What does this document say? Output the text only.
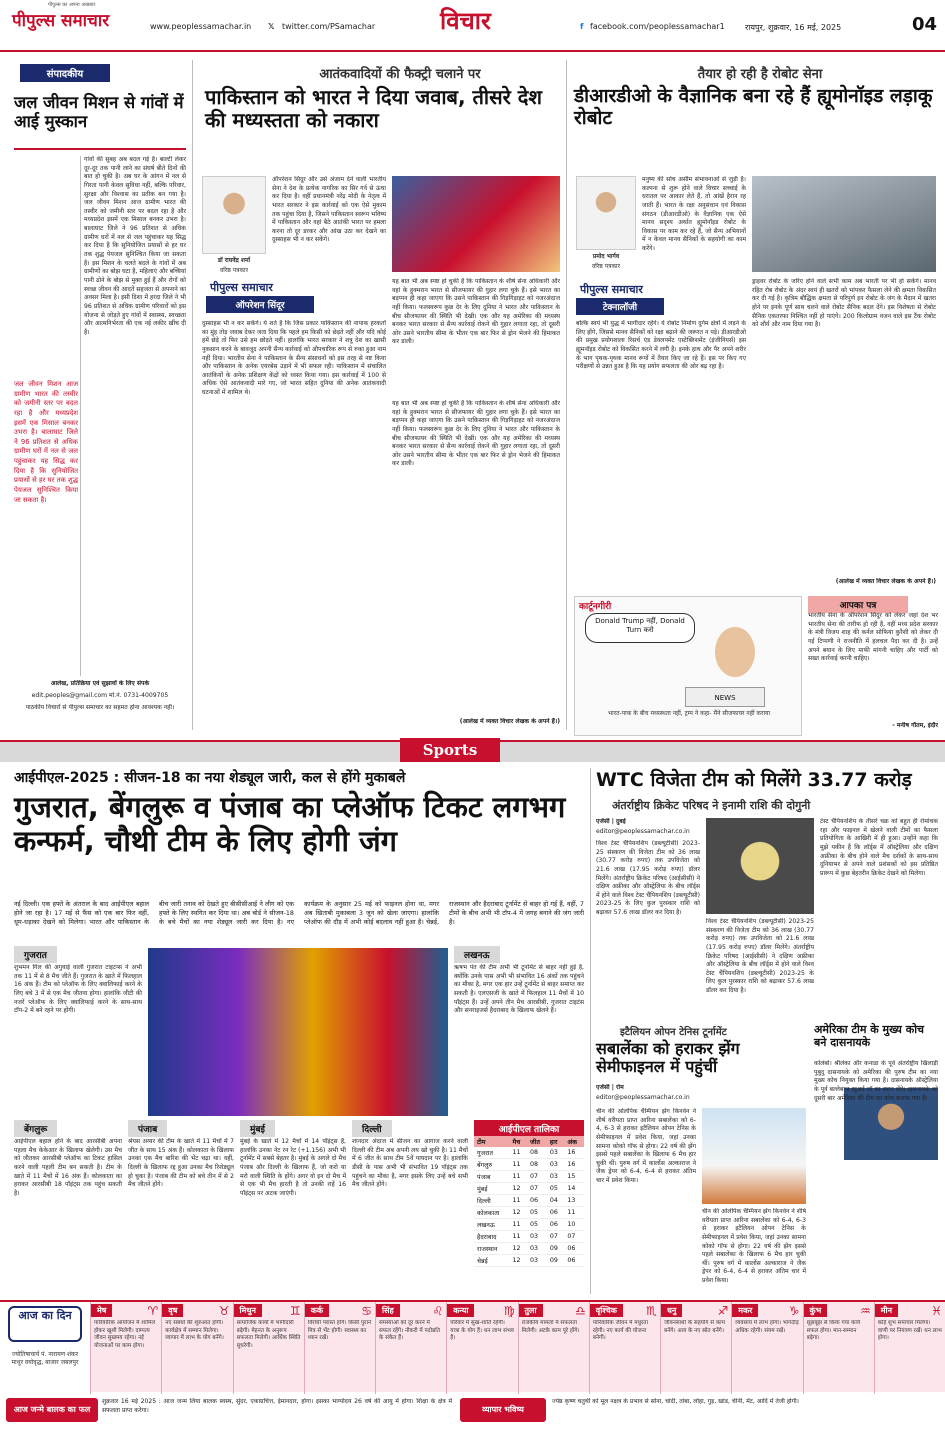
पीपुल्स समाचार
पीपुल्स का अपना अखबार
www.peoplessamachar.in 𝕏 twitter.com/PSamachar	विचार	f facebook.com/peoplessamachar1	रायपुर, शुक्रवार, 16 मई, 2025	04
संपादकीय
जल जीवन मिशन से गांवों में आई मुस्कान
गांवों की सुबह अब बदल गई है। बाल्टी लेकर दूर-दूर तक पानी लाने का संघर्ष बीते दिनों की बात हो चुकी है। अब घर के आंगन में नल से गिरता पानी केवल सुविधा नहीं, बल्कि परिवार, सुरक्षा और विश्वास का प्रतीक बन गया है। जल जीवन मिशन आज ग्रामीण भारत की तस्वीर को जमीनी स्तर पर बदल रहा है और मध्यप्रदेश इसमें एक मिसाल बनकर उभरा है। बालाघाट जिले ने 96 प्रतिशत से अधिक ग्रामीण घरों में नल से जल पहुंचाकर यह सिद्ध कर दिया है कि सुनियोजित प्रयासों से हर घर तक शुद्ध पेयजल सुनिश्चित किया जा सकता है। इस मिशन के चलते बदले के गांवों में अब ग्रामीणों का बोझ घटा है, महिलाएं और बच्चियां पानी ढोने के बोझ से मुक्त हुई हैं और रोगों को स्वच्छ जीवन की आदतें सहजता से अपनाने का अवसर मिला है। इसी दिशा में हरदा जिले ने भी 96 प्रतिशत से अधिक ग्रामीण परिवारों को इस योजना से जोड़ते हुए गांवों में स्वास्थ्य, स्वच्छता और आत्मनिर्भरता की एक नई लकीर खींच दी है।
जल जीवन मिशन आज ग्रामीण भारत की तस्वीर को जमीनी स्तर पर बदल रहा है और मध्यप्रदेश इसमें एक मिसाल बनकर उभरा है। बालाघाट जिले ने 96 प्रतिशत से अधिक ग्रामीण घरों में नल से जल पहुंचाकर यह सिद्ध कर दिया है कि सुनियोजित प्रयासों से हर घर तक शुद्ध पेयजल सुनिश्चित किया जा सकता है।
आलेख, प्रतिक्रिया एवं सुझावों के लिए संपर्क
edit.peoples@gmail.com मो.नं. 0731-4009705
पाठकीय विचारों से पीपुल्स समाचार का सहमत होना आवश्यक नहीं।
आतंकवादियों की फैक्ट्री चलाने पर
पाकिस्तान को भारत ने दिया जवाब, तीसरे देश की मध्यस्तता को नकारा
डॉ राघवेंद्र शर्मा
वरिष्ठ पत्रकार
पीपुल्स समाचार
ऑपरेशन सिंदूर
ऑपरेशन सिंदूर और उसे अंजाम देने वाली भारतीय सेना ने देश के प्रत्येक नागरिक का सिर गर्व से ऊंचा कर दिया है। वहीं प्रधानमंत्री नरेंद्र मोदी के नेतृत्व में भारत सरकार ने इस कार्रवाई को एक ऐसे मुकाम तक पहुंचा दिया है, जिसने पाकिस्तान स्वरूप भविष्य में पाकिस्तान और वहां बैठे आतंकी भारत पर हमला करना तो दूर डरकर और आंख उठा कर देखने का दुस्साहस भी न कर सकेंगे।
यह बात भी अब स्पष्ट हो चुकी है कि पाकिस्तान के शीर्ष सेना अधिकारी और वहां के हुक्मरान भारत से सीजफायर की गुहार लगा चुके हैं। इसे भारत का बड़प्पन ही कहा जाएगा कि उसने पाकिस्तान की गिड़गिड़ाहट को नजरअंदाज नहीं किया। फलस्वरूप कुछ देर के लिए दुनिया ने भारत और पाकिस्तान के बीच सीजफायर की स्थिति भी देखी। एक और यह अमेरिका की मध्यस्थ बनकर भारत सरकार से सैन्य कार्रवाई रोकने की गुहार लगाता रहा, तो दूसरी ओर उसने भारतीय सीमा के भीतर एक बार फिर से ड्रोन भेजने की हिमाकत कर डाली।
दुस्साहस भी न कर सकेंगे। ये शर्त है कि जिस प्रकार पाकिस्तान की नापाक हरकतों का मुंह तोड़ जवाब देकर जता दिया कि पहले हम किसी को छेड़ते नहीं और यदि कोई हमें छेड़े तो फिर उसे हम छोड़ते नहीं। हालांकि भारत सरकार ने शत्रु देश का खासी नुकसान करने के बावजूद अपनी सैन्य कार्रवाई को औपचारिक रूप से रुका हुआ नाम नहीं दिया। भारतीय सेना ने पाकिस्तान के सैन्य संसाधनों को इस तरह से नष्ट किया और पाकिस्तान के अनेक एयरबेस उड़ाने में भी सफल रही। पाकिस्तान में संचालित आतंकियों के अनेक प्रशिक्षण केंद्रों को ध्वस्त किया गया। इस कार्रवाई में 100 से अधिक ऐसे आतंकवादी मारे गए, जो भारत सहित दुनिया की अनेक आतंकवादी घटनाओं में शामिल थे।
यह बात भी अब स्पष्ट हो चुकी है कि पाकिस्तान के शीर्ष सेना अधिकारी और वहां के हुक्मरान भारत से सीजफायर की गुहार लगा चुके हैं। इसे भारत का बड़प्पन ही कहा जाएगा कि उसने पाकिस्तान की गिड़गिड़ाहट को नजरअंदाज नहीं किया। फलस्वरूप कुछ देर के लिए दुनिया ने भारत और पाकिस्तान के बीच सीजफायर की स्थिति भी देखी। एक और यह अमेरिका की मध्यस्थ बनकर भारत सरकार से सैन्य कार्रवाई रोकने की गुहार लगाता रहा, तो दूसरी ओर उसने भारतीय सीमा के भीतर एक बार फिर से ड्रोन भेजने की हिमाकत कर डाली।
(आलेख में व्यक्त विचार लेखक के अपने हैं।)
तैयार हो रही है रोबोट सेना
डीआरडीओ के वैज्ञानिक बना रहे हैं ह्यूमोनॉइड लड़ाकू रोबोट
प्रमोद भार्गव
वरिष्ठ पत्रकार
पीपुल्स समाचार
टेक्नालॉजी
मनुष्य की सोच असीम संभावनाओं से जुड़ी है। कल्पना से शुरू होने वाले विचार सच्चाई के धरातल पर आकार लेते हैं, तो आंखें हैरान रह जाती हैं। भारत के रक्षा अनुसंधान एवं विकास संगठन (डीआरडीओ) के वैज्ञानिक एक ऐसे मानव सदृश्य अर्थात ह्यूमोनॉइड रोबोट के विकास पर काम कर रहे हैं, जो सैन्य अभियानों में न केवल मानव सैनिकों के सहयोगी का काम करेंगे।
ड्राइवर रोबोट के जरिए होने वाले सभी काम अब भारती पर भी हो सकेंगे। मानव रहित रोब रोबोट के अंदर स्वयं ही खतरों को भांपकर फैसला लेने की क्षमता विकसित कर दी गई है। कृत्रिम बौद्धिक क्षमता से परिपूर्ण इन रोबोट के जंग के मैदान में खतरा होने पर इनके पूर्ण साथ चलने वाले रोबोट सैनिक बदल देंगे। इस विशेषता से रोबोट सैनिक एकतरफा निश्चित नहीं हो पाएंगे। 200 किलोग्राम वजन वाले इस टैंक रोबोट को शौर्य और नाम दिया गया है।
बल्कि स्वयं भी युद्ध में भागीदार रहेंगे। ये रोबोट निर्माण दुर्गम क्षेत्रों में लड़ने के लिए होंगे, जिससे मानव सैनिकों को रक्षा बढ़ाने की जरूरत न पड़े। डीआरडीओ की प्रमुख प्रयोगशाला रिसर्च एंड डेवलपमेंट एस्टेब्लिशमेंट (इंजीनियर्स) इस ह्यूमनॉइड रोबोट को विकसित करने में लगी है। इनके हाथ और पैर अपने शरीर के भाग पृथक-पृथक मानव रूपों में तैयार किए जा रहे हैं। इस पर किए गए परीक्षणों से उन्नत हुआ है कि यह प्रयोग सफलता की ओर बढ़ रहा है।
(आलेख में व्यक्त विचार लेखक के अपने हैं।)
कार्टूनगीरी
Donald Trump नहीं, Donald Turn करो
NEWS
भारत-पाक के बीच मध्यस्थता नहीं, ट्रम्प ने कहा- मैंने सीजफायर नहीं कराया
आपका पत्र
भारतीय सेना के ऑपरेशन सिंदूर को लेकर जहां देश भर भारतीय सेना की तारीफ हो रही है, वहीं मध्य प्रदेश सरकार के मंत्री विजय शाह की कर्नल सोफिया कुरैशी को लेकर दी गई टिप्पणी ने राजनीति में हलचल पैदा कर दी है। उन्हें अपने बयान के लिए माफी मांगनी चाहिए और पार्टी को सख्त कार्रवाई करनी चाहिए।
- मनीष गौतम, इंदौर
Sports
आईपीएल-2025 : सीजन-18 का नया शेड्यूल जारी, कल से होंगे मुकाबले
गुजरात, बेंगलुरू व पंजाब का प्लेऑफ टिकट लगभग कन्फर्म, चौथी टीम के लिए होगी जंग
नई दिल्ली। एक हफ्ते के अंतराल के बाद आईपीएल बहाल होने जा रहा है। 17 मई से फैंस को एक बार फिर वहीं, धूम-धड़ाका देखने को मिलेगा। भारत और पाकिस्तान के बीच जारी तनाव को देखते हुए बीसीसीआई ने लीग को एक हफ्ते के लिए स्थगित कर दिया था। अब बोर्ड ने सीजन-18 के बचे मैचों का नया शेड्यूल जारी कर दिया है। नए कार्यक्रम के अनुसार 25 मई को फाइनल होना था, मगर अब खिताबी मुकाबला 3 जून को खेला जाएगा। हालांकि प्लेऑफ की दौड़ में अभी कोई बदलाव नहीं हुआ है। चेन्नई, राजस्थान और हैदराबाद टूर्नामेंट से बाहर हो गई हैं, वहीं, 7 टीमों के बीच अभी भी टॉप-4 में जगह बनाने की जंग जारी है।
गुजरात
शुभमन गिल की अगुवाई वाली गुजरात टाइटन्स ने अभी तक 11 में से 8 मैच जीते हैं। गुजरात के खाते में फिलहाल 16 अंक हैं। टीम को प्लेऑफ के लिए क्वालिफाई करने के लिए बचे 3 में से एक मैच जीतना होगा। हालांकि जीटी की नजरें प्लेऑफ के लिए क्वालिफाई करने के साथ-साथ टॉप-2 में बने रहने पर होंगी।
लखनऊ
ऋषभ पंत की टीम अभी भी टूर्नामेंट से बाहर नहीं हुई है, क्योंकि उनके पास अभी भी संभावित 16 अंकों तक पहुंचने का मौका है, मगर एक हार उन्हें टूर्नामेंट से बाहर समाप्त कर सकती है। एलएसजी के खाते में फिलहाल 11 मैचों में 10 पॉइंट्स हैं। उन्हें अपने तीन मैच आरसीबी, गुजरात टाइटंस और सनराइजर्स हैदराबाद के खिलाफ खेलने हैं।
बेंगलुरू
आईपीएल बहाल होने के बाद आरसीबी अपना पहला मैच केकेआर के खिलाफ खेलेगी। उस मैच को जीतकर आरसीबी प्लेऑफ का टिकट हासिल करने वाली पहली टीम बन सकती है। टीम के खाते में 11 मैचों में 16 अंक हैं। कोलकाता का हराकर आरसीबी 18 पॉइंट्स तक पहुंच सकती है।
पंजाब
श्रेयस अय्यर की टीम के खाते में 11 मैचों में 7 जीत के साथ 15 अंक हैं। कोलकाता के खिलाफ उनका एक मैच बारिश की भेंट चढ़ा था। वहीं, दिल्ली के खिलाफ रद्द हुआ उनका मैच रिशेड्यूल हो चुका है। पंजाब की टीम को बचे तीन में से 2 मैच जीतने होंगे।
मुंबई
मुंबई के खाते में 12 मैचों में 14 पॉइंट्स हैं, हालांकि उनका नेट रन रेट (+1.156) अभी भी टूर्नामेंट में सबसे बेहतर है। मुंबई के अगले दो मैच पंजाब और दिल्ली के खिलाफ हैं, जो करो या मरो वाली स्थिति के होंगे। अगर वो इन दो मैच में से एक भी मैच हारती है तो उनकी राहें 16 पॉइंट्स पर अटक जाएंगी।
दिल्ली
शानदार अंदाज में सीजन का आगाज करने वाली दिल्ली की टीम अब अपनी लय खो चुकी है। 11 मैचों में 6 जीत के साथ टीम 5वें पायदान पर है। हालांकि डीसी के पास अभी भी संभावित 19 पॉइंट्स तक पहुंचने का मौका है, मगर इसके लिए उन्हें बचे सभी मैच जीतने होंगे।
आईपीएल तालिका
टीम	मैच	जीत	हार	अंक
गुजरात	11	08	03	16
बेंगलुरु	11	08	03	16
पंजाब	11	07	03	15
मुंबई	12	07	05	14
दिल्ली	11	06	04	13
कोलकाता	12	05	06	11
लखनऊ	11	05	06	10
हैदराबाद	11	03	07	07
राजस्थान	12	03	09	06
चेन्नई	12	03	09	06
WTC विजेता टीम को मिलेंगे 33.77 करोड़
अंतर्राष्ट्रीय क्रिकेट परिषद ने इनामी राशि की दोगुनी
एजेंसी | दुबई
editor@peoplessamachar.co.in
विश्व टेस्ट चैंपियनशिप (डब्ल्यूटीसी) 2023-25 संस्करण की विजेता टीम को 36 लाख (30.77 करोड़ रुपए) तक उपविजेता को 21.6 लाख (17.95 करोड़ रुपए) डॉलर मिलेंगे। अंतर्राष्ट्रीय क्रिकेट परिषद (आईसीसी) ने दक्षिण अफ्रीका और ऑस्ट्रेलिया के बीच लॉर्ड्स में होने वाले विश्व टेस्ट चैंपियनशिप (डब्ल्यूटीसी) 2023-25 के लिए कुल पुरस्कार राशि को बढ़ाकर 57.6 लाख डॉलर कर दिया है।
विश्व टेस्ट चैंपियनशिप (डब्ल्यूटीसी) 2023-25 संस्करण की विजेता टीम को 36 लाख (30.77 करोड़ रुपए) तक उपविजेता को 21.6 लाख (17.95 करोड़ रुपए) डॉलर मिलेंगे। अंतर्राष्ट्रीय क्रिकेट परिषद (आईसीसी) ने दक्षिण अफ्रीका और ऑस्ट्रेलिया के बीच लॉर्ड्स में होने वाले विश्व टेस्ट चैंपियनशिप (डब्ल्यूटीसी) 2023-25 के लिए कुल पुरस्कार राशि को बढ़ाकर 57.6 लाख डॉलर कर दिया है।
टेस्ट चैंपियनशिप के तीसरे चक्र को बहुत ही रोमांचक रहा और फाइनल में खेलने वाली टीमों का फैसला प्रतियोगिता के आखिरी में ही हुआ। उन्होंने कहा कि मुझे यकीन है कि लॉर्ड्स में ऑस्ट्रेलिया और दक्षिण अफ्रीका के बीच होने वाले मैच दर्शकों के साथ-साथ दुनियाभर से अपने वाले प्रशंसकों को इस प्रतिष्ठित प्रारूप में कुछ बेहतरीन क्रिकेट देखने को मिलेगा।
इटैलियन ओपन टेनिस टूर्नामेंट
सबालेंका को हराकर झेंग सेमीफाइनल में पहुंचीं
एजेंसी | रोम
editor@peoplessamachar.co.in
चीन की ओलंपिक चैम्पियन झेंग किनवेन ने शीर्ष वरीयता प्राप्त आरिना सबालेंका को 6-4, 6-3 से हराकर इटैलियन ओपन टेनिस के सेमीफाइनल में प्रवेश किया, जहां उनका सामना कोको गॉफ से होगा। 22 वर्ष की झेंग इससे पहले सबालेंका के खिलाफ 6 मैच हार चुकी थीं। पुरुष वर्ग में कार्लोस अल्काराज ने जैक ड्रेपर को 6-4, 6-4 से हराकर अंतिम चार में प्रवेश किया।
चीन की ओलंपिक चैम्पियन झेंग किनवेन ने शीर्ष वरीयता प्राप्त आरिना सबालेंका को 6-4, 6-3 से हराकर इटैलियन ओपन टेनिस के सेमीफाइनल में प्रवेश किया, जहां उनका सामना कोको गॉफ से होगा। 22 वर्ष की झेंग इससे पहले सबालेंका के खिलाफ 6 मैच हार चुकी थीं। पुरुष वर्ग में कार्लोस अल्काराज ने जैक ड्रेपर को 6-4, 6-4 से हराकर अंतिम चार में प्रवेश किया।
अमेरिका टीम के मुख्य कोच बने दासनायके
कोलंबो। श्रीलंका और कनाडा के पूर्व अंतर्राष्ट्रीय खिलाड़ी पुबुदु दासनायके को अमेरिका की पुरुष टीम का नया मुख्य कोच नियुक्त किया गया है। दासनायके ऑस्ट्रेलिया के पूर्व बल्लेबाज स्टुअर्ट लॉ का स्थान लेंगे। दासनायके को दूसरी बार अमेरिका की टीम का कोच बनाया गया है।
आज का दिन
ज्योतिषाचार्य पं. नारायण शंकर माथुर वयोवृद्ध, बाजार जबलपुर
मेष	♈
पारिवारिक आयोजन में शामिल होकर खुशी मिलेगी। दाम्पत्य जीवन सुखमय रहेगा। नई योजनाओं पर काम होगा।
वृष	♉
नए संबंधों की शुरुआत होगी। कार्यक्षेत्र में सम्मान मिलेगा। व्यापार में लाभ के योग बनेंगे।
मिथुन	♊
सामाजिक कार्यों में भागीदारी बढ़ेगी। मेहनत के अनुरूप सफलता मिलेगी। आर्थिक स्थिति सुधरेगी।
कर्क	♋
विरोधी परास्त होंगे। किसी पुराने मित्र से भेंट होगी। स्वास्थ्य का ध्यान रखें।
सिंह	♌
समस्याओं को दूर करने में सफल रहेंगे। नौकरी में पदोन्नति के संकेत हैं।
कन्या	♍
परिवार में सुख-शांति रहेगी। यात्रा के योग हैं। धन लाभ संभव है।
तुला	♎
राजकीय मामलों में सफलता मिलेगी। अटके काम पूरे होंगे।
वृश्चिक	♏
पारिवारिक जीवन में मधुरता रहेगी। नए कार्य की योजना बनेगी।
धनु	♐
जीवनसाथी के सहयोग से काम बनेंगे। आय के नए स्रोत बनेंगे।
मकर	♑
व्यवसाय में लाभ होगा। भागदौड़ अधिक रहेगी। संयम रखें।
कुंभ	♒
सूझबूझ से किया गया कार्य सफल होगा। मान-सम्मान बढ़ेगा।
मीन	♓
कोई शुभ समाचार मिलेगा। वाणी पर नियंत्रण रखें। धन लाभ होगा।
आज जन्मे बालक का फल
शुक्रवार 16 मई 2025 : आज जन्म लिया बालक स्वस्थ, सुंदर, एकाग्रचित्त, ईमानदार, होगा। इसका भाग्योदय 26 वर्ष की आयु में होगा। शिक्षा के क्षेत्र में सफलता प्राप्त करेगा।	व्यापार भविष्य
ज्येष्ठ कृष्ण चतुर्थी को मूल नक्षत्र के प्रभाव से सोना, चांदी, तांबा, लोहा, गुड़, खांड, चीनी, मेंट, आदि में तेजी होगी।
